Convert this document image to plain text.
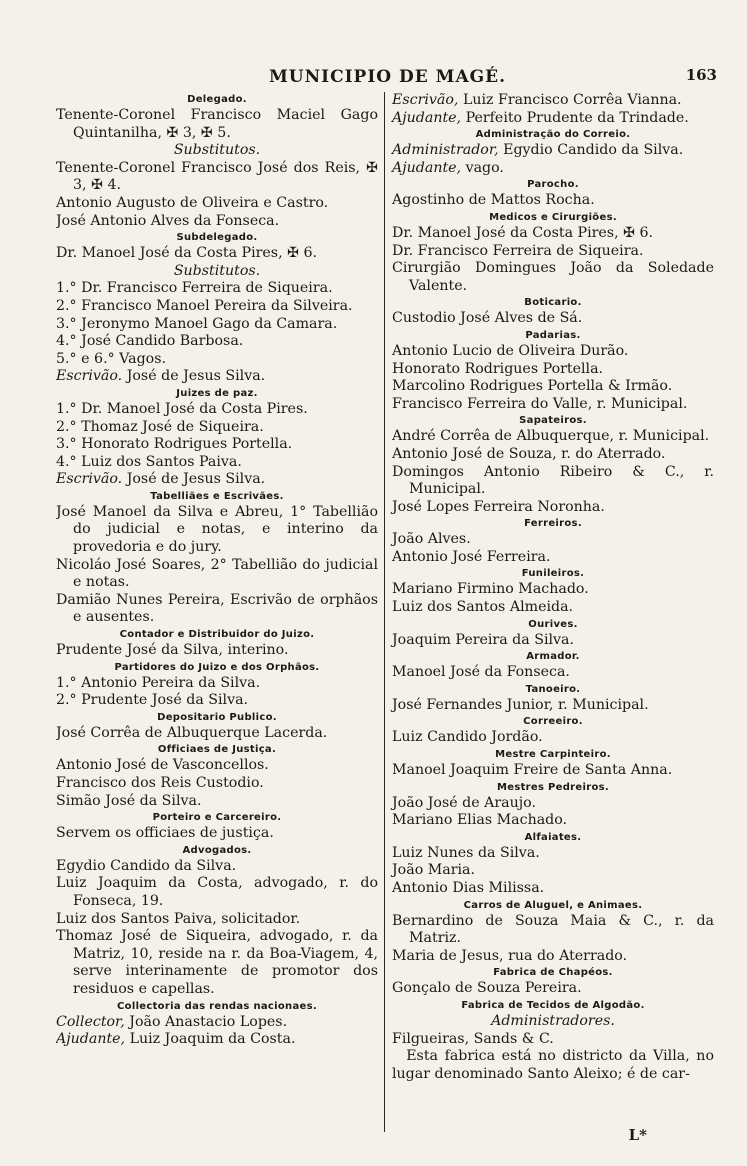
MUNICIPIO DE MAGÉ.	163
Delegado.
Tenente-Coronel Francisco Maciel Gago Quintanilha, ✠ 3, ✠ 5.
Substitutos.
Tenente-Coronel Francisco José dos Reis, ✠ 3, ✠ 4.
Antonio Augusto de Oliveira e Castro.
José Antonio Alves da Fonseca.
Subdelegado.
Dr. Manoel José da Costa Pires, ✠ 6.
Substitutos.
1.° Dr. Francisco Ferreira de Siqueira.
2.° Francisco Manoel Pereira da Silveira.
3.° Jeronymo Manoel Gago da Camara.
4.° José Candido Barbosa.
5.° e 6.° Vagos.
Escrivão. José de Jesus Silva.
Juizes de paz.
1.° Dr. Manoel José da Costa Pires.
2.° Thomaz José de Siqueira.
3.° Honorato Rodrigues Portella.
4.° Luiz dos Santos Paiva.
Escrivão. José de Jesus Silva.
Tabelliães e Escrivães.
José Manoel da Silva e Abreu, 1° Tabellião do judicial e notas, e interino da provedoria e do jury.
Nicoláo José Soares, 2° Tabellião do judicial e notas.
Damião Nunes Pereira, Escrivão de orphãos e ausentes.
Contador e Distribuidor do Juizo.
Prudente José da Silva, interino.
Partidores do Juizo e dos Orphãos.
1.° Antonio Pereira da Silva.
2.° Prudente José da Silva.
Depositario Publico.
José Corrêa de Albuquerque Lacerda.
Officiaes de Justiça.
Antonio José de Vasconcellos.
Francisco dos Reis Custodio.
Simão José da Silva.
Porteiro e Carcereiro.
Servem os officiaes de justiça.
Advogados.
Egydio Candido da Silva.
Luiz Joaquim da Costa, advogado, r. do Fonseca, 19.
Luiz dos Santos Paiva, solicitador.
Thomaz José de Siqueira, advogado, r. da Matriz, 10, reside na r. da Boa-Viagem, 4, serve interinamente de promotor dos residuos e capellas.
Collectoria das rendas nacionaes.
Collector, João Anastacio Lopes.
Ajudante, Luiz Joaquim da Costa.
Escrivão, Luiz Francisco Corrêa Vianna.
Ajudante, Perfeito Prudente da Trindade.
Administração do Correio.
Administrador, Egydio Candido da Silva.
Ajudante, vago.
Parocho.
Agostinho de Mattos Rocha.
Medicos e Cirurgiões.
Dr. Manoel José da Costa Pires, ✠ 6.
Dr. Francisco Ferreira de Siqueira.
Cirurgião Domingues João da Soledade Valente.
Boticario.
Custodio José Alves de Sá.
Padarias.
Antonio Lucio de Oliveira Durão.
Honorato Rodrigues Portella.
Marcolino Rodrigues Portella & Irmão.
Francisco Ferreira do Valle, r. Municipal.
Sapateiros.
André Corrêa de Albuquerque, r. Municipal.
Antonio José de Souza, r. do Aterrado.
Domingos Antonio Ribeiro & C., r. Municipal.
José Lopes Ferreira Noronha.
Ferreiros.
João Alves.
Antonio José Ferreira.
Funileiros.
Mariano Firmino Machado.
Luiz dos Santos Almeida.
Ourives.
Joaquim Pereira da Silva.
Armador.
Manoel José da Fonseca.
Tanoeiro.
José Fernandes Junior, r. Municipal.
Correeiro.
Luiz Candido Jordão.
Mestre Carpinteiro.
Manoel Joaquim Freire de Santa Anna.
Mestres Pedreiros.
João José de Araujo.
Mariano Elias Machado.
Alfaiates.
Luiz Nunes da Silva.
João Maria.
Antonio Dias Milissa.
Carros de Aluguel, e Animaes.
Bernardino de Souza Maia & C., r. da Matriz.
Maria de Jesus, rua do Aterrado.
Fabrica de Chapéos.
Gonçalo de Souza Pereira.
Fabrica de Tecidos de Algodão.
Administradores.
Filgueiras, Sands & C.
Esta fabrica está no districto da Villa, no lugar denominado Santo Aleixo; é de car-
L*
